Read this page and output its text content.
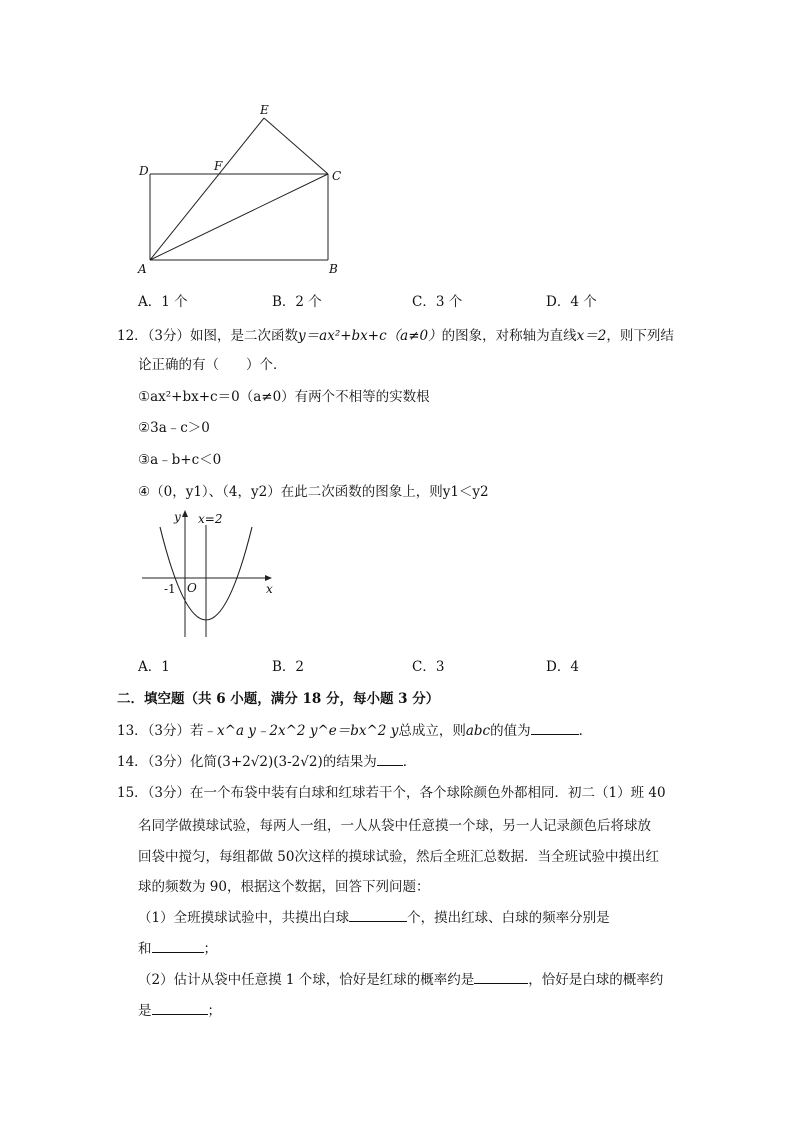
E
D	F
C
A	B
A．1 个	B．2 个	C．3 个	D．4 个
12．（3分）如图，是二次函数y＝ax²+bx+c（a≠0）的图象，对称轴为直线x＝2，则下列结
论正确的有（　　）个．
①ax²+bx+c＝0（a≠0）有两个不相等的实数根
②3a﹣c＞0
③a﹣b+c＜0
④（0，y1）、（4，y2）在此二次函数的图象上，则y1＜y2
y x=2
x
-1 O
A．1	B．2	C．3	D．4
二．填空题（共 6 小题，满分 18 分，每小题 3 分）
13．（3分）若﹣x^a y﹣2x^2 y^e＝bx^2 y总成立，则abc的值为	．
14．（3分）化简(3+2√2)(3-2√2)的结果为 ．
15．（3分）在一个布袋中装有白球和红球若干个，各个球除颜色外都相同．初二（1）班 40
名同学做摸球试验，每两人一组，一人从袋中任意摸一个球，另一人记录颜色后将球放
回袋中搅匀，每组都做 50次这样的摸球试验，然后全班汇总数据．当全班试验中摸出红
球的频数为 90，根据这个数据，回答下列问题：
（1）全班摸球试验中，共摸出白球	个，摸出红球、白球的频率分别是
和	；
（2）估计从袋中任意摸 1 个球，恰好是红球的概率约是	，恰好是白球的概率约
是	；
